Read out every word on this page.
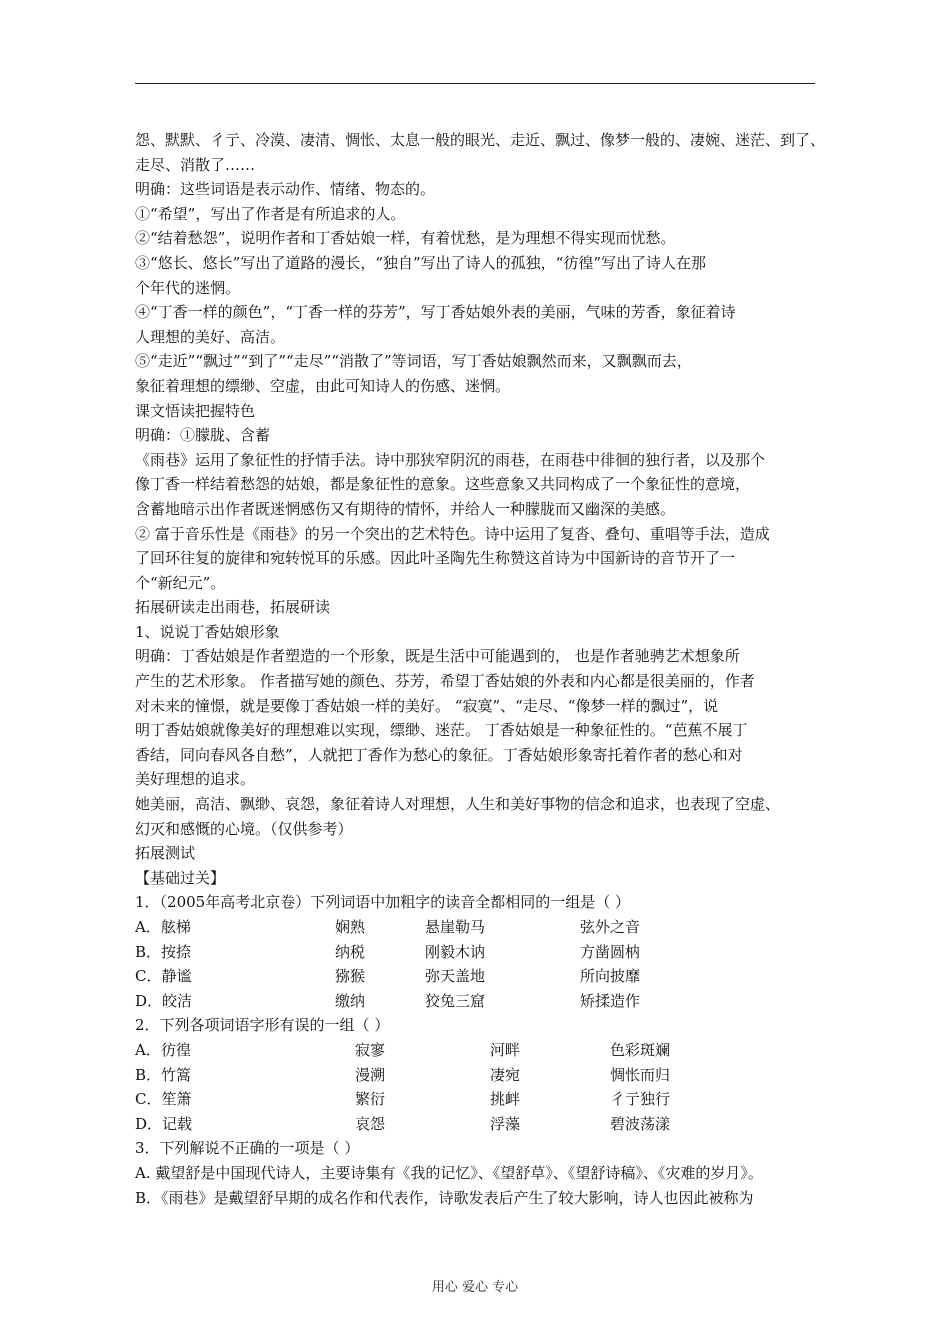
怨、默默、彳亍、冷漠、凄清、惆怅、太息一般的眼光、走近、飘过、像梦一般的、凄婉、迷茫、到了、

走尽、消散了……

明确：这些词语是表示动作、情绪、物态的。

①“希望”，写出了作者是有所追求的人。

②“结着愁怨”，说明作者和丁香姑娘一样，有着忧愁，是为理想不得实现而忧愁。

③“悠长、悠长”写出了道路的漫长，“独自”写出了诗人的孤独，“彷徨”写出了诗人在那

个年代的迷惘。

④“丁香一样的颜色”，“丁香一样的芬芳”，写丁香姑娘外表的美丽，气味的芳香，象征着诗

人理想的美好、高洁。

⑤“走近”“飘过”“到了”“走尽”“消散了”等词语，写丁香姑娘飘然而来，又飘飘而去，

象征着理想的缥缈、空虚，由此可知诗人的伤感、迷惘。

课文悟读把握特色

明确：①朦胧、含蓄

《雨巷》运用了象征性的抒情手法。诗中那狭窄阴沉的雨巷，在雨巷中徘徊的独行者，以及那个

像丁香一样结着愁怨的姑娘，都是象征性的意象。这些意象又共同构成了一个象征性的意境，

含蓄地暗示出作者既迷惘感伤又有期待的情怀，并给人一种朦胧而又幽深的美感。

② 富于音乐性是《雨巷》的另一个突出的艺术特色。诗中运用了复沓、叠句、重唱等手法，造成

了回环往复的旋律和宛转悦耳的乐感。因此叶圣陶先生称赞这首诗为中国新诗的音节开了一

个“新纪元”。

拓展研读走出雨巷，拓展研读

1、说说丁香姑娘形象

明确：丁香姑娘是作者塑造的一个形象，既是生活中可能遇到的， 也是作者驰骋艺术想象所

产生的艺术形象。 作者描写她的颜色、芬芳，希望丁香姑娘的外表和内心都是很美丽的，作者

对未来的憧憬，就是要像丁香姑娘一样的美好。 “寂寞”、“走尽、“像梦一样的飘过”，说

明丁香姑娘就像美好的理想难以实现，缥缈、迷茫。 丁香姑娘是一种象征性的。“芭蕉不展丁

香结，同向春风各自愁”，人就把丁香作为愁心的象征。丁香姑娘形象寄托着作者的愁心和对

美好理想的追求。

她美丽，高洁、飘缈、哀怨，象征着诗人对理想，人生和美好事物的信念和追求，也表现了空虚、

幻灭和感慨的心境。（仅供参考）

拓展测试

【基础过关】

1．（2005年高考北京卷）下列词语中加粗字的读音全都相同的一组是（ ）

A．舷梯	娴熟	悬崖勒马	弦外之音
B．按捺	纳税	刚毅木讷	方凿圆枘
C．静谧	猕猴	弥天盖地	所向披靡
D．皎洁	缴纳	狡兔三窟	矫揉造作

2．下列各项词语字形有误的一组（ ）

A．彷徨	寂寥	河畔	色彩斑斓
B．竹篙	漫溯	凄宛	惆怅而归
C．笙箫	繁衍	挑衅	彳亍独行
D．记载	哀怨	浮藻	碧波荡漾

3．下列解说不正确的一项是（ ）

A. 戴望舒是中国现代诗人，主要诗集有《我的记忆》、《望舒草》、《望舒诗稿》、《灾难的岁月》。

B．《雨巷》是戴望舒早期的成名作和代表作，诗歌发表后产生了较大影响，诗人也因此被称为

用心 爱心 专心
